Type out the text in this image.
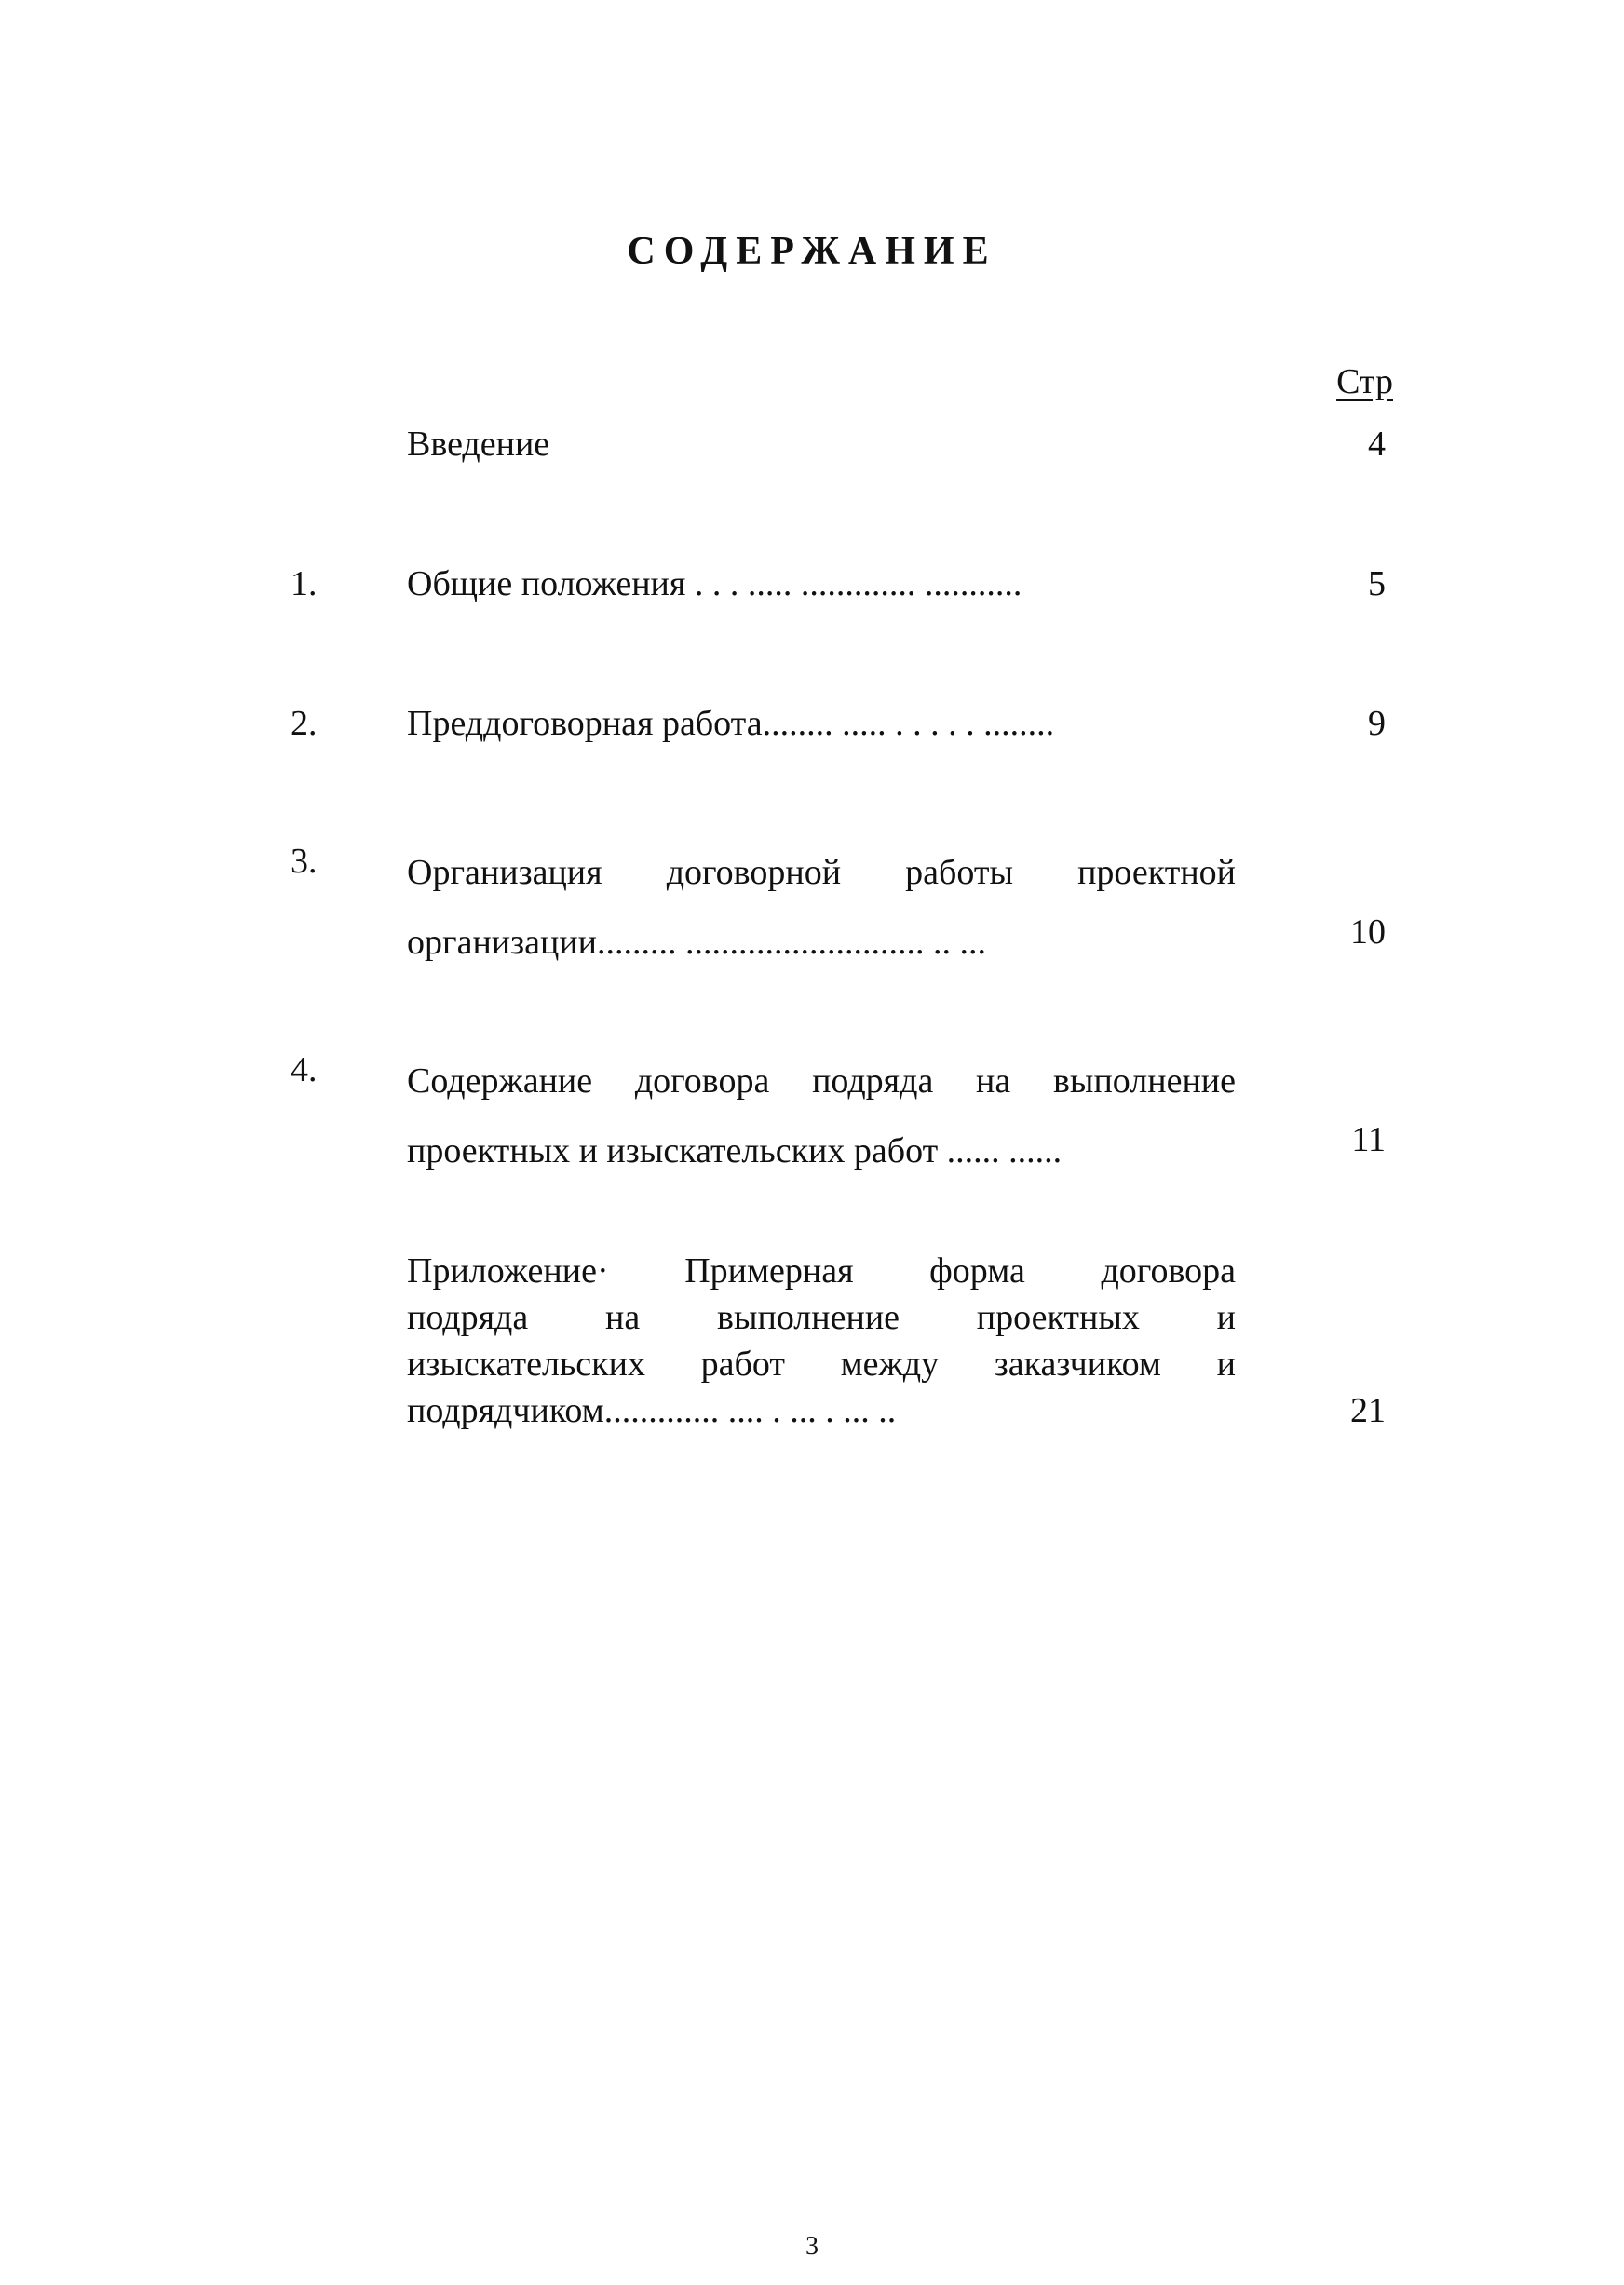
СОДЕРЖАНИЕ
Стр
Введение	4
1.	Общие положения . . . ..... ............. ...........	5
2.	Преддоговорная работа........ ..... . . . . . ........	9
3.	Организация договорной работы проектной
организации......... ........................... .. ...	10
4.	Содержание договора подряда на выполнение
проектных и изыскательских работ ...... ......	11
Приложение· Примерная форма договора
подряда на выполнение проектных и
изыскательских работ между заказчиком и
подрядчиком............. .... . ... . ... ..	21
3
